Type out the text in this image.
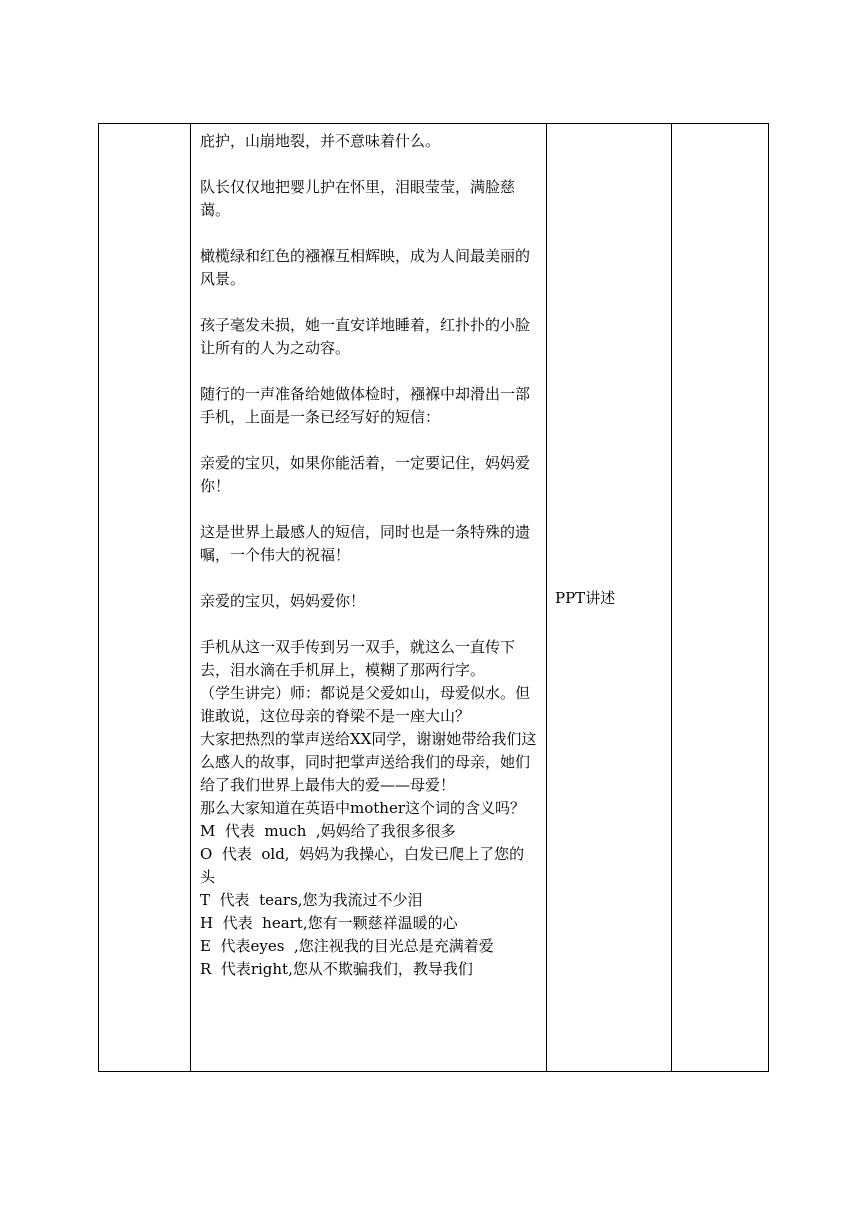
庇护，山崩地裂，并不意味着什么。

队长仅仅地把婴儿护在怀里，泪眼莹莹，满脸慈蔼。

橄榄绿和红色的襁褓互相辉映，成为人间最美丽的风景。

孩子毫发未损，她一直安详地睡着，红扑扑的小脸让所有的人为之动容。

随行的一声准备给她做体检时，襁褓中却滑出一部手机，上面是一条已经写好的短信：

亲爱的宝贝，如果你能活着，一定要记住，妈妈爱你！

这是世界上最感人的短信，同时也是一条特殊的遗嘱，一个伟大的祝福！

亲爱的宝贝，妈妈爱你！

手机从这一双手传到另一双手，就这么一直传下去，泪水滴在手机屏上，模糊了那两行字。

（学生讲完）师：都说是父爱如山，母爱似水。但谁敢说，这位母亲的脊梁不是一座大山？

大家把热烈的掌声送给XX同学，谢谢她带给我们这么感人的故事，同时把掌声送给我们的母亲，她们给了我们世界上最伟大的爱——母爱！

那么大家知道在英语中mother这个词的含义吗？

M  代表  much  ,妈妈给了我很多很多

O  代表  old,  妈妈为我操心，白发已爬上了您的头

T  代表  tears,您为我流过不少泪

H  代表  heart,您有一颗慈祥温暖的心

E  代表eyes  ,您注视我的目光总是充满着爱

R  代表right,您从不欺骗我们，教导我们

	PPT讲述	
